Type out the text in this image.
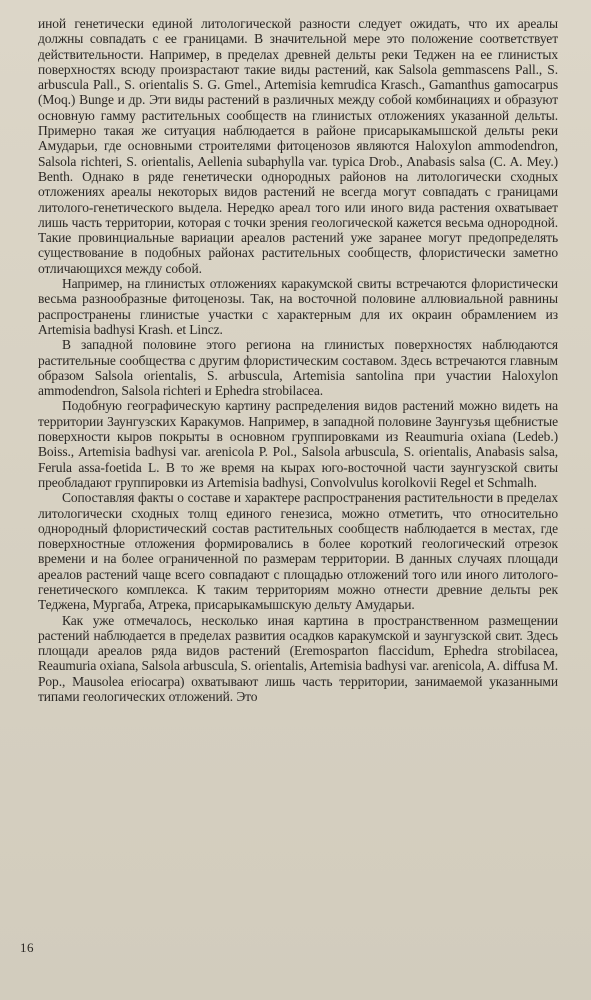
иной генетически единой литологической разности следует ожидать, что их ареалы должны совпадать с ее границами. В значительной мере это положение соответствует действительности. Например, в пределах древней дельты реки Теджен на ее глинистых поверхностях всюду произрастают такие виды растений, как Salsola gemmascens Pall., S. arbuscula Pall., S. orientalis S. G. Gmel., Artemisia kemrudica Krasch., Gamanthus gamocarpus (Moq.) Bunge и др. Эти виды растений в различных между собой комбинациях и образуют основную гамму растительных сообществ на глинистых отложениях указанной дельты. Примерно такая же ситуация наблюдается в районе присарыкамышской дельты реки Амударьи, где основными строителями фитоценозов являются Haloxylon ammodendron, Salsola richteri, S. orientalis, Aellenia subaphylla var. typica Drob., Anabasis salsa (C. A. Mey.) Benth. Однако в ряде генетически однородных районов на литологически сходных отложениях ареалы некоторых видов растений не всегда могут совпадать с границами литолого-генетического выдела. Нередко ареал того или иного вида растения охватывает лишь часть территории, которая с точки зрения геологической кажется весьма однородной. Такие провинциальные вариации ареалов растений уже заранее могут предопределять существование в подобных районах растительных сообществ, флористически заметно отличающихся между собой.

Например, на глинистых отложениях каракумской свиты встречаются флористически весьма разнообразные фитоценозы. Так, на восточной половине аллювиальной равнины распространены глинистые участки с характерным для их окраин обрамлением из Artemisia badhysi Krash. et Lincz.

В западной половине этого региона на глинистых поверхностях наблюдаются растительные сообщества с другим флористическим составом. Здесь встречаются главным образом Salsola orientalis, S. arbuscula, Artemisia santolina при участии Haloxylon ammodendron, Salsola richteri и Ephedra strobilacea.

Подобную географическую картину распределения видов растений можно видеть на территории Заунгузских Каракумов. Например, в западной половине Заунгузья щебнистые поверхности кыров покрыты в основном группировками из Reaumuria oxiana (Ledeb.) Boiss., Artemisia badhysi var. arenicola P. Pol., Salsola arbuscula, S. orientalis, Anabasis salsa, Ferula assa-foetida L. В то же время на кырах юго-восточной части заунгузской свиты преобладают группировки из Artemisia badhysi, Convolvulus korolkovii Regel et Schmalh.

Сопоставляя факты о составе и характере распространения растительности в пределах литологически сходных толщ единого генезиса, можно отметить, что относительно однородный флористический состав растительных сообществ наблюдается в местах, где поверхностные отложения формировались в более короткий геологический отрезок времени и на более ограниченной по размерам территории. В данных случаях площади ареалов растений чаще всего совпадают с площадью отложений того или иного литолого-генетического комплекса. К таким территориям можно отнести древние дельты рек Теджена, Мургаба, Атрека, присарыкамышскую дельту Амударьи.

Как уже отмечалось, несколько иная картина в пространственном размещении растений наблюдается в пределах развития осадков каракумской и заунгузской свит. Здесь площади ареалов ряда видов растений (Eremosparton flaccidum, Ephedra strobilacea, Reaumuria oxiana, Salsola arbuscula, S. orientalis, Artemisia badhysi var. arenicola, A. diffusa M. Pop., Mausolea eriocarpa) охватывают лишь часть территории, занимаемой указанными типами геологических отложений. Это

16
